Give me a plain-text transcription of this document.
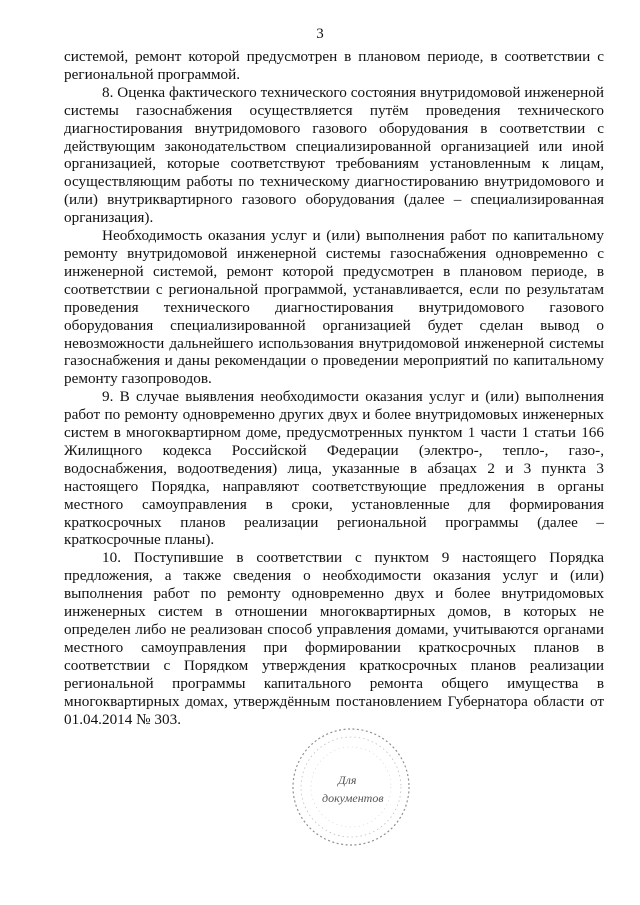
3

системой, ремонт которой предусмотрен в плановом периоде, в соответствии с региональной программой.

8. Оценка фактического технического состояния внутридомовой инженерной системы газоснабжения осуществляется путём проведения технического диагностирования внутридомового газового оборудования в соответствии с действующим законодательством специализированной организацией или иной организацией, которые соответствуют требованиям установленным к лицам, осуществляющим работы по техническому диагностированию внутридомового и (или) внутриквартирного газового оборудования (далее – специализированная организация).

Необходимость оказания услуг и (или) выполнения работ по капитальному ремонту внутридомовой инженерной системы газоснабжения одновременно с инженерной системой, ремонт которой предусмотрен в плановом периоде, в соответствии с региональной программой, устанавливается, если по результатам проведения технического диагностирования внутридомового газового оборудования специализированной организацией будет сделан вывод о невозможности дальнейшего использования внутридомовой инженерной системы газоснабжения и даны рекомендации о проведении мероприятий по капитальному ремонту газопроводов.

9. В случае выявления необходимости оказания услуг и (или) выполнения работ по ремонту одновременно других двух и более внутридомовых инженерных систем в многоквартирном доме, предусмотренных пунктом 1 части 1 статьи 166 Жилищного кодекса Российской Федерации (электро-, тепло-, газо-, водоснабжения, водоотведения) лица, указанные в абзацах 2 и 3 пункта 3 настоящего Порядка, направляют соответствующие предложения в органы местного самоуправления в сроки, установленные для формирования краткосрочных планов реализации региональной программы (далее – краткосрочные планы).

10. Поступившие в соответствии с пунктом 9 настоящего Порядка предложения, а также сведения о необходимости оказания услуг и (или) выполнения работ по ремонту одновременно двух и более внутридомовых инженерных систем в отношении многоквартирных домов, в которых не определен либо не реализован способ управления домами, учитываются органами местного самоуправления при формировании краткосрочных планов в соответствии с Порядком утверждения краткосрочных планов реализации региональной программы капитального ремонта общего имущества в многоквартирных домах, утверждённым постановлением Губернатора области от 01.04.2014 № 303.

Для
документов
